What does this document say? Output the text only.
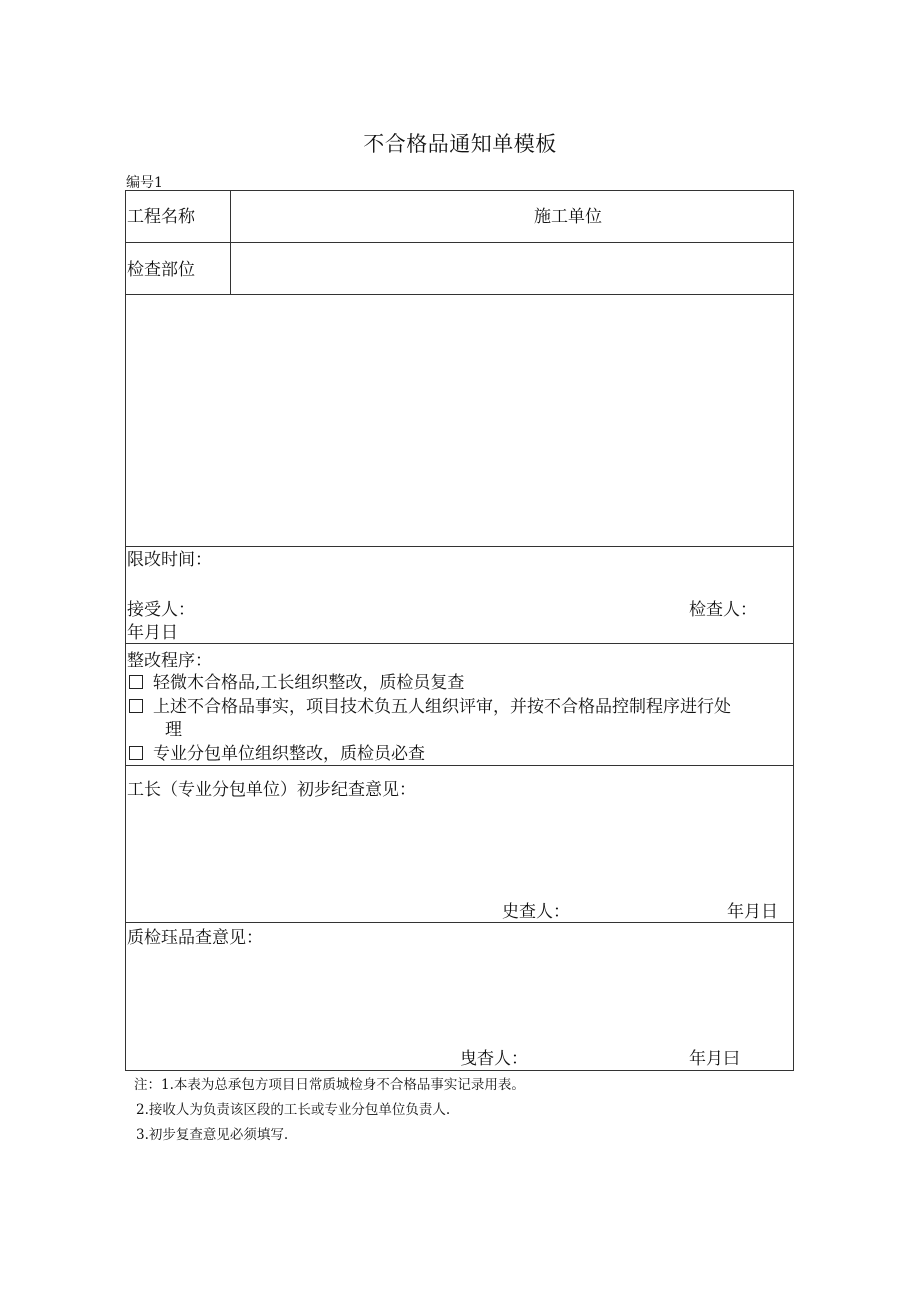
不合格品通知单模板
编号1
工程名称	施工单位
检查部位
限改时间：
接受人：	检查人：
年月日
整改程序：
轻微木合格品,工长组织整改，质检员复查
上述不合格品事实，项目技术负五人组织评审，并按不合格品控制程序进行处
理
专业分包单位组织整改，质检员必查
工长（专业分包单位）初步纪查意见：
史查人：	年月日
质检珏品查意见：
曳杳人：	年月曰
注：1.本表为总承包方项目日常质城检身不合格品事实记录用表。
2.接收人为负责该区段的工长或专业分包单位负责人.
3.初步复查意见必须填写.
